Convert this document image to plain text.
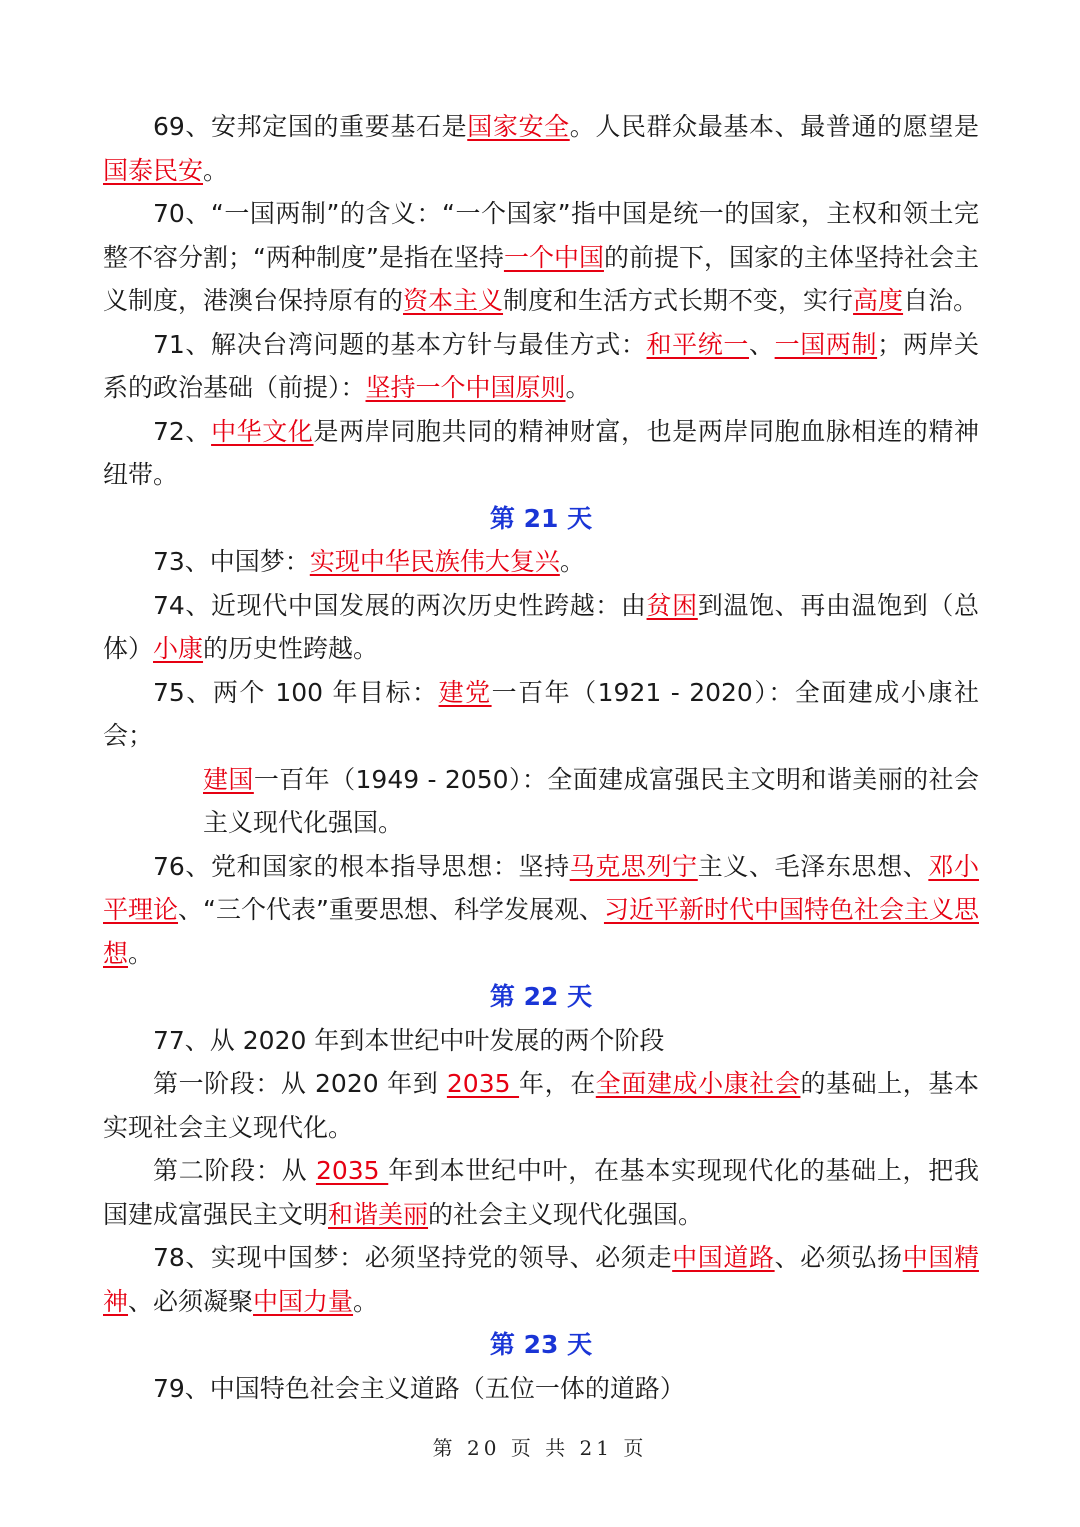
69、安邦定国的重要基石是国家安全。人民群众最基本、最普通的愿望是国泰民安。

70、“一国两制”的含义：“一个国家”指中国是统一的国家，主权和领土完整不容分割；“两种制度”是指在坚持一个中国的前提下，国家的主体坚持社会主义制度，港澳台保持原有的资本主义制度和生活方式长期不变，实行高度自治。

71、解决台湾问题的基本方针与最佳方式：和平统一、一国两制；两岸关系的政治基础（前提）：坚持一个中国原则。

72、中华文化是两岸同胞共同的精神财富，也是两岸同胞血脉相连的精神纽带。

第 21 天

73、中国梦：实现中华民族伟大复兴。

74、近现代中国发展的两次历史性跨越：由贫困到温饱、再由温饱到（总体）小康的历史性跨越。

75、两个 100 年目标：建党一百年（1921 - 2020）：全面建成小康社会；

建国一百年（1949 - 2050）：全面建成富强民主文明和谐美丽的社会主义现代化强国。

76、党和国家的根本指导思想：坚持马克思列宁主义、毛泽东思想、邓小平理论、“三个代表”重要思想、科学发展观、习近平新时代中国特色社会主义思想。

第 22 天

77、从 2020 年到本世纪中叶发展的两个阶段

第一阶段：从 2020 年到 2035 年，在全面建成小康社会的基础上，基本实现社会主义现代化。

第二阶段：从 2035 年到本世纪中叶，在基本实现现代化的基础上，把我国建成富强民主文明和谐美丽的社会主义现代化强国。

78、实现中国梦：必须坚持党的领导、必须走中国道路、必须弘扬中国精神、必须凝聚中国力量。

第 23 天

79、中国特色社会主义道路（五位一体的道路）

第 20 页 共 21 页
